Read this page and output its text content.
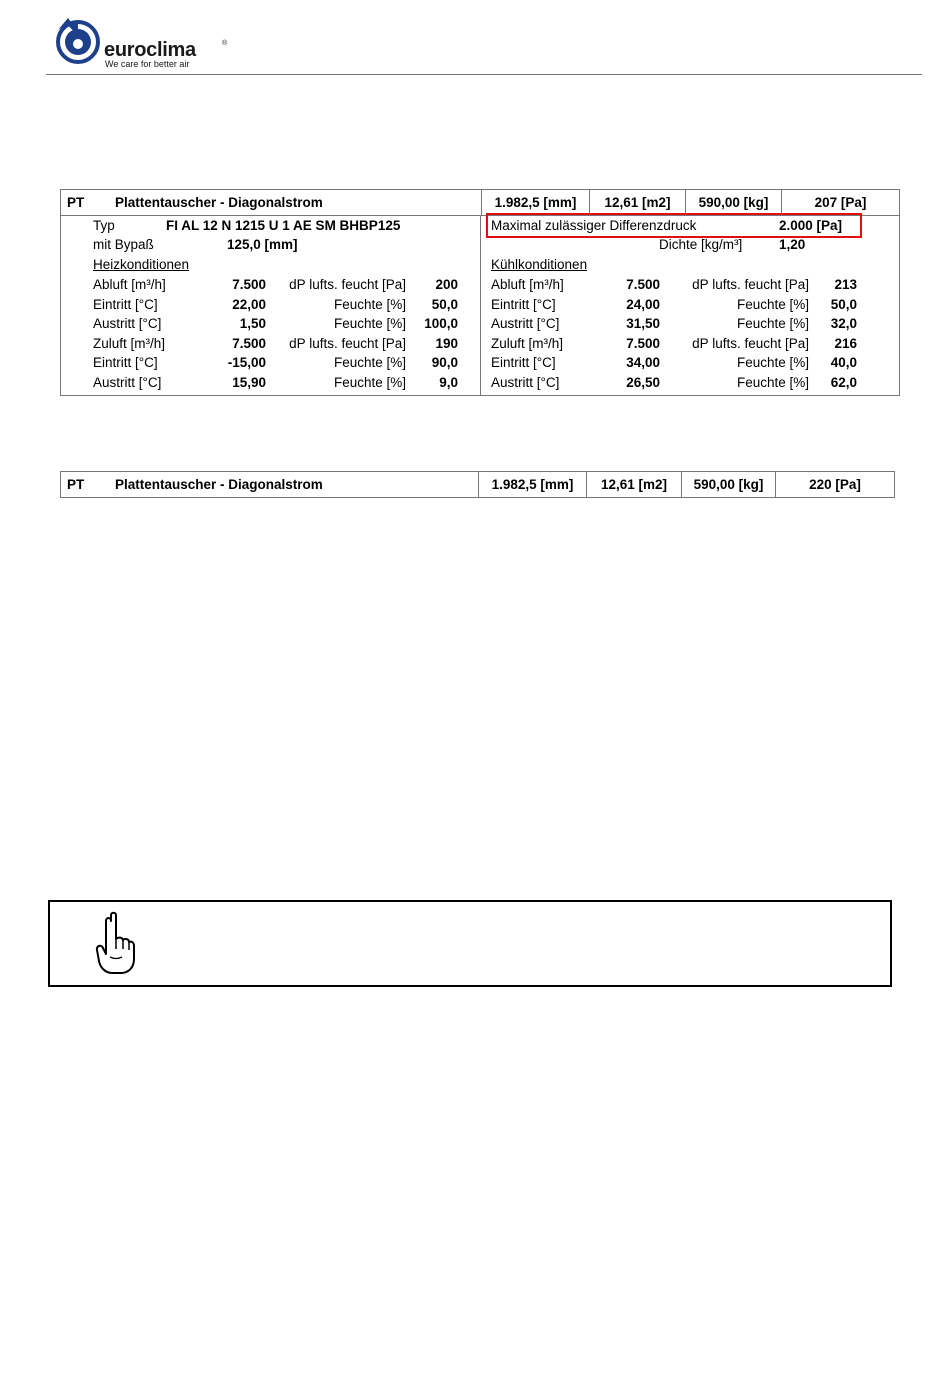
euroclima	®
We care for better air
PT Plattentauscher - Diagonalstrom	1.982,5 [mm]	12,61 [m2]	590,00 [kg]	207 [Pa]
Typ	FI AL 12 N 1215 U 1 AE SM BHBP125
mit Bypaß	125,0 [mm]
Heizkonditionen
Maximal zulässiger Differenzdruck	2.000 [Pa]
Dichte [kg/m³]	1,20
Kühlkonditionen
Abluft [m³/h]	7.500 dP lufts. feucht [Pa] 200
Eintritt [°C]	22,00	Feuchte [%] 50,0
Austritt [°C]	1,50	Feuchte [%] 100,0
Zuluft [m³/h]	7.500 dP lufts. feucht [Pa] 190
Eintritt [°C]	-15,00	Feuchte [%] 90,0
Austritt [°C]	15,90	Feuchte [%] 9,0
Abluft [m³/h]	7.500 dP lufts. feucht [Pa] 213
Eintritt [°C]	24,00	Feuchte [%] 50,0
Austritt [°C]	31,50	Feuchte [%] 32,0
Zuluft [m³/h]	7.500 dP lufts. feucht [Pa] 216
Eintritt [°C]	34,00	Feuchte [%] 40,0
Austritt [°C]	26,50	Feuchte [%] 62,0
PT Plattentauscher - Diagonalstrom	1.982,5 [mm]	12,61 [m2]	590,00 [kg]	220 [Pa]
